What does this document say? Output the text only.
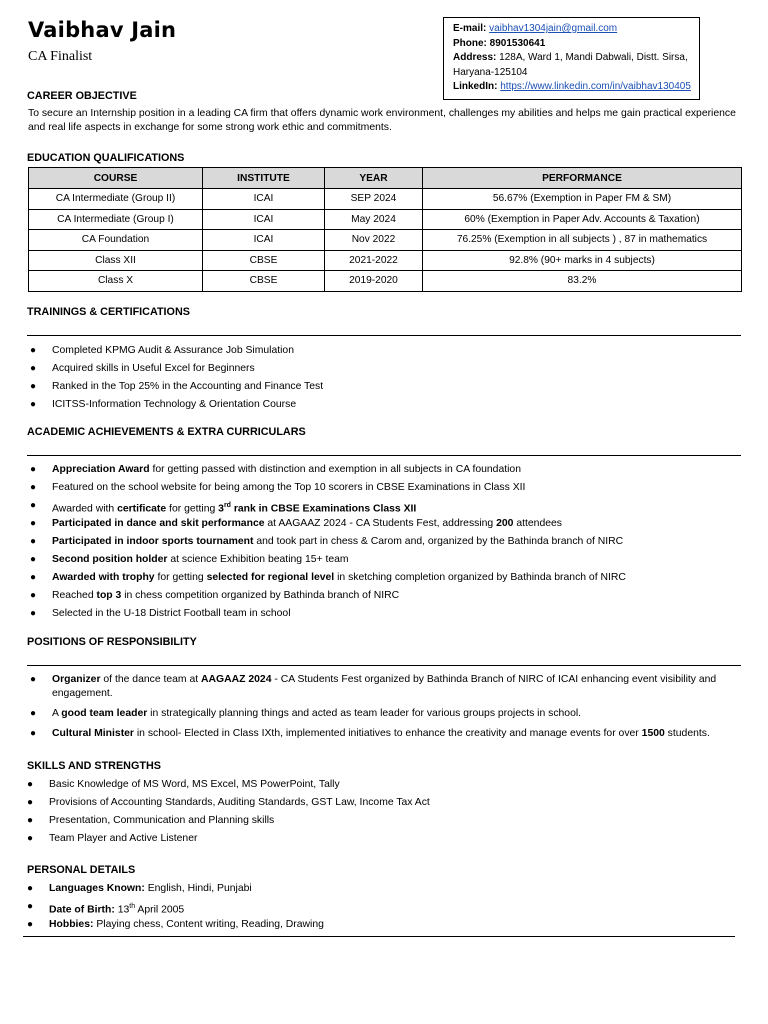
Vaibhav Jain
CA Finalist
E-mail: vaibhav1304jain@gmail.com
Phone: 8901530641
Address: 128A, Ward 1, Mandi Dabwali, Distt. Sirsa, Haryana-125104
LinkedIn: https://www.linkedin.com/in/vaibhav130405
CAREER OBJECTIVE
To secure an Internship position in a leading CA firm that offers dynamic work environment, challenges my abilities and helps me gain practical experience and real life aspects in exchange for some strong work ethic and commitments.
EDUCATION QUALIFICATIONS
COURSE	INSTITUTE	YEAR	PERFORMANCE
CA Intermediate (Group II)	ICAI	SEP 2024	56.67% (Exemption in Paper FM & SM)
CA Intermediate (Group I)	ICAI	May 2024	60% (Exemption in Paper Adv. Accounts & Taxation)
CA Foundation	ICAI	Nov 2022	76.25% (Exemption in all subjects ) , 87 in mathematics
Class XII	CBSE	2021-2022	92.8% (90+ marks in 4 subjects)
Class X	CBSE	2019-2020	83.2%
TRAININGS & CERTIFICATIONS
● Completed KPMG Audit & Assurance Job Simulation
● Acquired skills in Useful Excel for Beginners
● Ranked in the Top 25% in the Accounting and Finance Test
● ICITSS-Information Technology & Orientation Course
ACADEMIC ACHIEVEMENTS & EXTRA CURRICULARS
● Appreciation Award for getting passed with distinction and exemption in all subjects in CA foundation
● Featured on the school website for being among the Top 10 scorers in CBSE Examinations in Class XII
● Awarded with certificate for getting 3rd rank in CBSE Examinations Class XII
● Participated in dance and skit performance at AAGAAZ 2024 - CA Students Fest, addressing 200 attendees
● Participated in indoor sports tournament and took part in chess & Carom and, organized by the Bathinda branch of NIRC
● Second position holder at science Exhibition beating 15+ team
● Awarded with trophy for getting selected for regional level in sketching completion organized by Bathinda branch of NIRC
● Reached top 3 in chess competition organized by Bathinda branch of NIRC
● Selected in the U-18 District Football team in school
POSITIONS OF RESPONSIBILITY
● Organizer of the dance team at AAGAAZ 2024 - CA Students Fest organized by Bathinda Branch of NIRC of ICAI enhancing event visibility and engagement.
● A good team leader in strategically planning things and acted as team leader for various groups projects in school.
● Cultural Minister in school- Elected in Class IXth, implemented initiatives to enhance the creativity and manage events for over 1500 students.
SKILLS AND STRENGTHS
● Basic Knowledge of MS Word, MS Excel, MS PowerPoint, Tally
● Provisions of Accounting Standards, Auditing Standards, GST Law, Income Tax Act
● Presentation, Communication and Planning skills
● Team Player and Active Listener
PERSONAL DETAILS
● Languages Known: English, Hindi, Punjabi
● Date of Birth: 13th April 2005
● Hobbies: Playing chess, Content writing, Reading, Drawing
